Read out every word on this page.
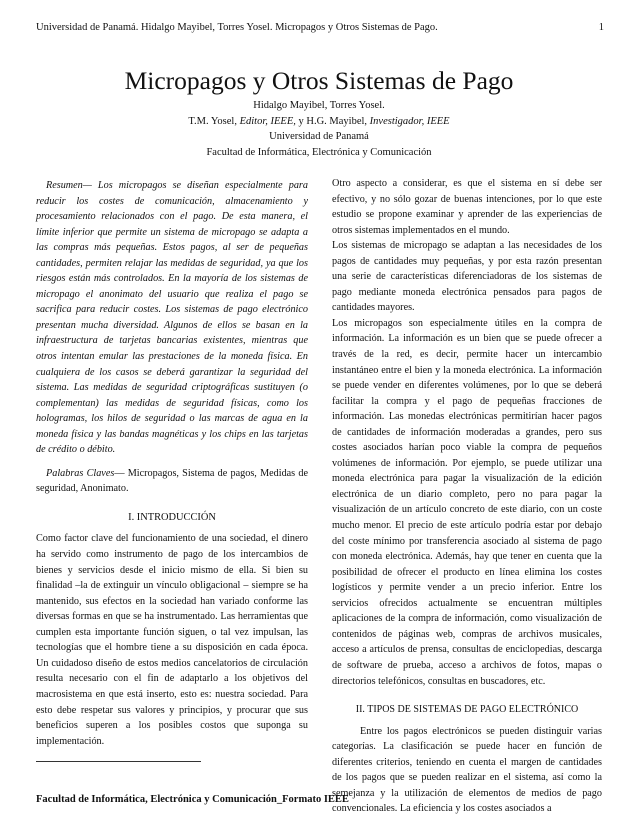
Universidad de Panamá. Hidalgo Mayibel, Torres Yosel. Micropagos y Otros Sistemas de Pago.	1
Micropagos y Otros Sistemas de Pago
Hidalgo Mayibel, Torres Yosel.
T.M. Yosel, Editor, IEEE, y H.G. Mayibel, Investigador, IEEE
Universidad de Panamá
Facultad de Informática, Electrónica y Comunicación

Resumen— Los micropagos se diseñan especialmente para reducir los costes de comunicación, almacenamiento y procesamiento relacionados con el pago. De esta manera, el límite inferior que permite un sistema de micropago se adapta a las compras más pequeñas. Estos pagos, al ser de pequeñas cantidades, permiten relajar las medidas de seguridad, ya que los riesgos están más controlados. En la mayoría de los sistemas de micropago el anonimato del usuario que realiza el pago se sacrifica para reducir costes. Los sistemas de pago electrónico presentan mucha diversidad. Algunos de ellos se basan en la infraestructura de tarjetas bancarias existentes, mientras que otros intentan emular las prestaciones de la moneda física. En cualquiera de los casos se deberá garantizar la seguridad del sistema. Las medidas de seguridad criptográficas sustituyen (o complementan) las medidas de seguridad físicas, como los hologramas, los hilos de seguridad o las marcas de agua en la moneda física y las bandas magnéticas y los chips en las tarjetas de crédito o débito.

Palabras Claves— Micropagos, Sistema de pagos, Medidas de seguridad, Anonimato.

I. INTRODUCCIÓN

Como factor clave del funcionamiento de una sociedad, el dinero ha servido como instrumento de pago de los intercambios de bienes y servicios desde el inicio mismo de ella. Si bien su finalidad –la de extinguir un vínculo obligacional – siempre se ha mantenido, sus efectos en la sociedad han variado conforme las diversas formas en que se ha instrumentado. Las herramientas que cumplen esta importante función siguen, o tal vez impulsan, las tecnologías que el hombre tiene a su disposición en cada época. Un cuidadoso diseño de estos medios cancelatorios de circulación resulta necesario con el fin de adaptarlo a los objetivos del macrosistema en que está inserto, esto es: nuestra sociedad. Para esto debe respetar sus valores y principios, y procurar que sus beneficios superen a los posibles costos que suponga su implementación.

Otro aspecto a considerar, es que el sistema en sí debe ser efectivo, y no sólo gozar de buenas intenciones, por lo que este estudio se propone examinar y aprender de las experiencias de otros sistemas implementados en el mundo.

Los sistemas de micropago se adaptan a las necesidades de los pagos de cantidades muy pequeñas, y por esta razón presentan una serie de características diferenciadoras de los sistemas de pago mediante moneda electrónica pensados para pagos de cantidades mayores.

Los micropagos son especialmente útiles en la compra de información. La información es un bien que se puede ofrecer a través de la red, es decir, permite hacer un intercambio instantáneo entre el bien y la moneda electrónica. La información se puede vender en diferentes volúmenes, por lo que se deberá facilitar la compra y el pago de pequeñas fracciones de información. Las monedas electrónicas permitirían hacer pagos de cantidades de información moderadas a grandes, pero sus costes asociados harían poco viable la compra de pequeños volúmenes de información. Por ejemplo, se puede utilizar una moneda electrónica para pagar la visualización de la edición electrónica de un diario completo, pero no para pagar la visualización de un artículo concreto de este diario, con un coste mucho menor. El precio de este artículo podría estar por debajo del coste mínimo por transferencia asociado al sistema de pago con moneda electrónica. Además, hay que tener en cuenta que la posibilidad de ofrecer el producto en línea elimina los costes logísticos y permite vender a un precio inferior. Entre los servicios ofrecidos actualmente se encuentran múltiples aplicaciones de la compra de información, como visualización de contenidos de páginas web, compras de archivos musicales, acceso a artículos de prensa, consultas de enciclopedias, descarga de software de prueba, acceso a archivos de fotos, mapas o directorios telefónicos, consultas en buscadores, etc.

II. TIPOS DE SISTEMAS DE PAGO ELECTRÓNICO

Entre los pagos electrónicos se pueden distinguir varias categorías. La clasificación se puede hacer en función de diferentes criterios, teniendo en cuenta el margen de cantidades de los pagos que se pueden realizar en el sistema, así como la semejanza y la utilización de elementos de medios de pago convencionales. La eficiencia y los costes asociados a

Facultad de Informática, Electrónica y Comunicación_Formato IEEE
